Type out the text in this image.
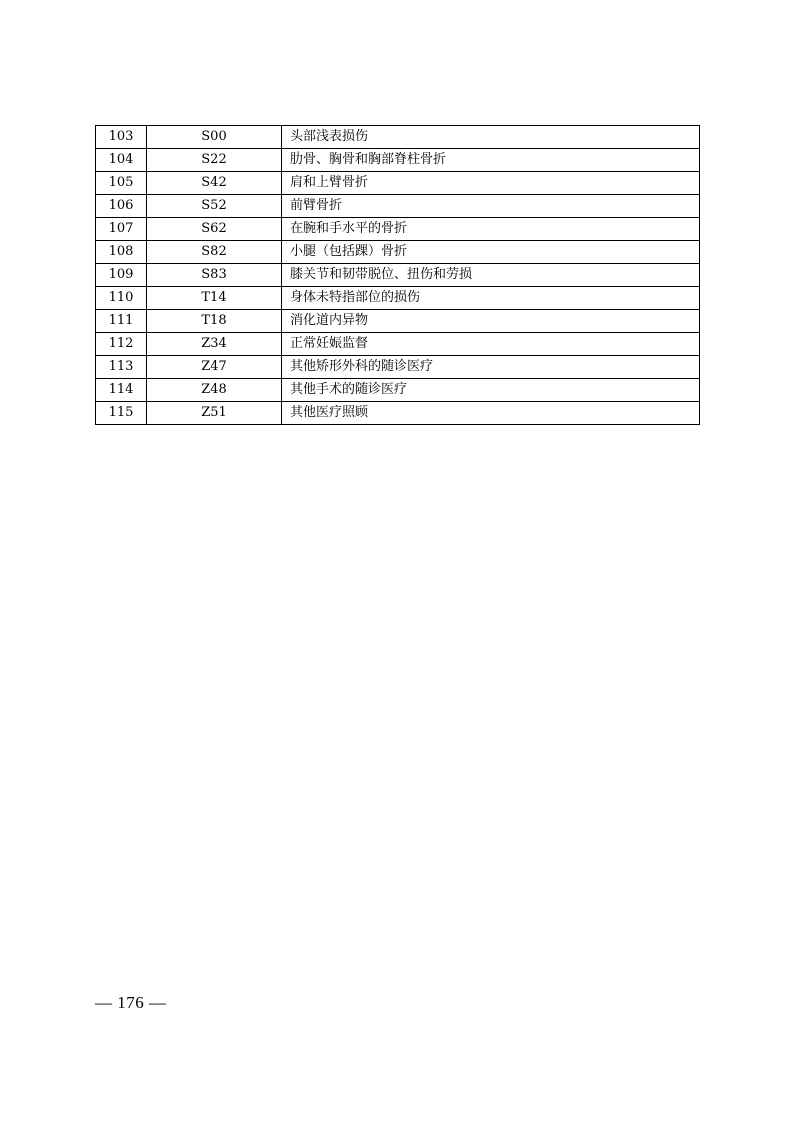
103	S00	头部浅表损伤
104	S22	肋骨、胸骨和胸部脊柱骨折
105	S42	肩和上臂骨折
106	S52	前臂骨折
107	S62	在腕和手水平的骨折
108	S82	小腿（包括踝）骨折
109	S83	膝关节和韧带脱位、扭伤和劳损
110	T14	身体未特指部位的损伤
111	T18	消化道内异物
112	Z34	正常妊娠监督
113	Z47	其他矫形外科的随诊医疗
114	Z48	其他手术的随诊医疗
115	Z51	其他医疗照顾
— 176 —
